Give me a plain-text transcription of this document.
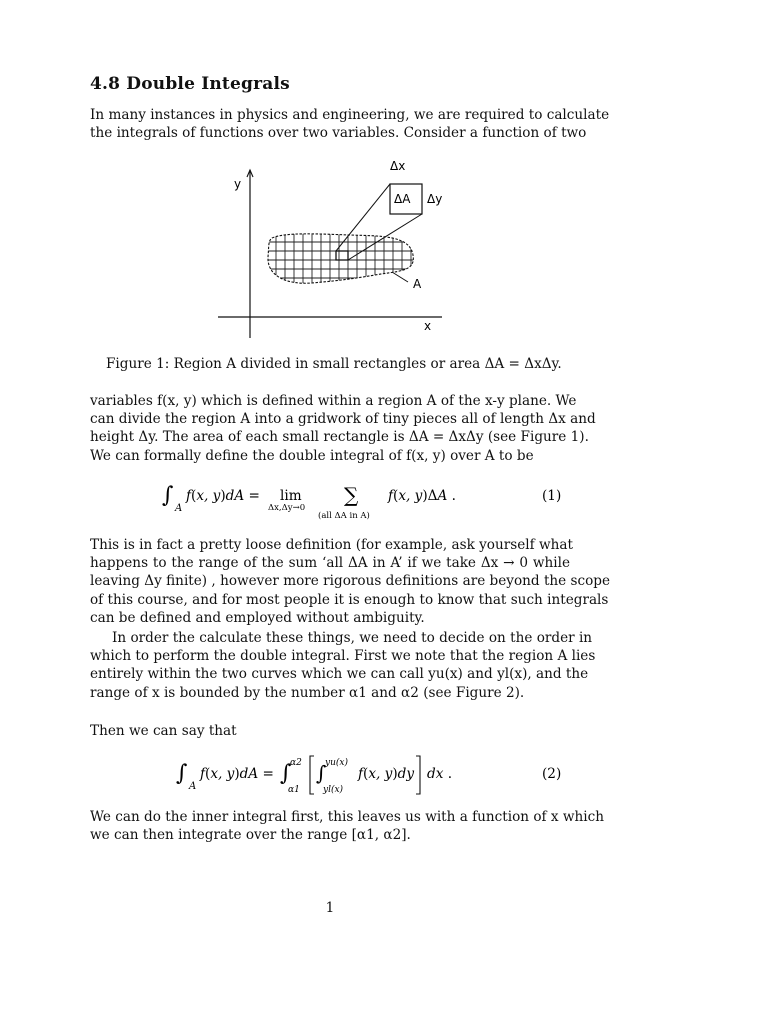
4.8 Double Integrals
In many instances in physics and engineering, we are required to calculate
the integrals of functions over two variables. Consider a function of two
y
x
Δx
ΔA Δy
A
Figure 1: Region A divided in small rectangles or area ΔA = ΔxΔy.
variables f(x, y) which is defined within a region A of the x-y plane. We
can divide the region A into a gridwork of tiny pieces all of length Δx and
height Δy. The area of each small rectangle is ΔA = ΔxΔy (see Figure 1).
We can formally define the double integral of f(x, y) over A to be
∫
A
f(x, y)dA = lim
Δx,Δy→0
∑
(all ΔA in A)
f(x, y)ΔA .	(1)
This is in fact a pretty loose definition (for example, ask yourself what
happens to the range of the sum ‘all ΔA in A’ if we take Δx → 0 while
leaving Δy finite) , however more rigorous definitions are beyond the scope
of this course, and for most people it is enough to know that such integrals
can be defined and employed without ambiguity.
In order the calculate these things, we need to decide on the order in
which to perform the double integral. First we note that the region A lies
entirely within the two curves which we can call yu(x) and yl(x), and the
range of x is bounded by the number α1 and α2 (see Figure 2).
Then we can say that
∫
A
f(x, y)dA = ∫
α2
α1
∫
yu(x)
yl(x)
f(x, y)dy dx .	(2)
We can do the inner integral first, this leaves us with a function of x which
we can then integrate over the range [α1, α2].
1
